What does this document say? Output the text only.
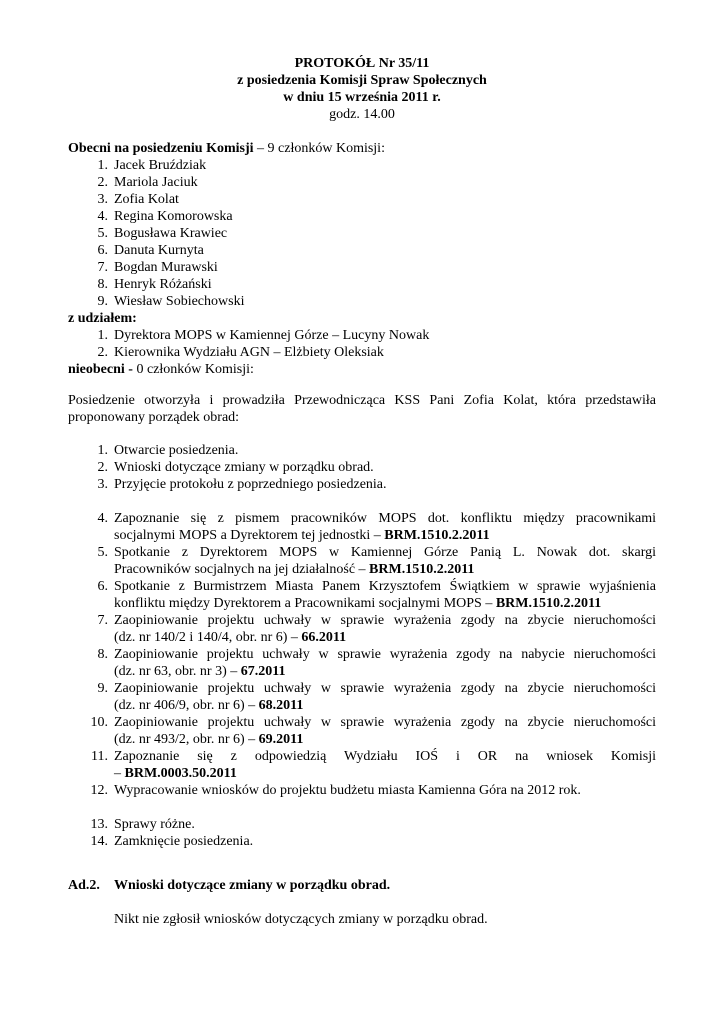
PROTOKÓŁ Nr 35/11
z posiedzenia Komisji Spraw Społecznych
w dniu 15 września 2011 r.
godz. 14.00
Obecni na posiedzeniu Komisji – 9 członków Komisji:
1. Jacek Bruździak
2. Mariola Jaciuk
3. Zofia Kolat
4. Regina Komorowska
5. Bogusława Krawiec
6. Danuta Kurnyta
7. Bogdan Murawski
8. Henryk Różański
9. Wiesław Sobiechowski
z udziałem:
1. Dyrektora MOPS w Kamiennej Górze – Lucyny Nowak
2. Kierownika Wydziału AGN – Elżbiety Oleksiak
nieobecni - 0 członków Komisji:
Posiedzenie otworzyła i prowadziła Przewodnicząca KSS Pani Zofia Kolat, która przedstawiła
proponowany porządek obrad:
1. Otwarcie posiedzenia.
2. Wnioski dotyczące zmiany w porządku obrad.
3. Przyjęcie protokołu z poprzedniego posiedzenia.
4. Zapoznanie się z pismem pracowników MOPS dot. konfliktu między pracownikami
socjalnymi MOPS a Dyrektorem tej jednostki – BRM.1510.2.2011
5. Spotkanie z Dyrektorem MOPS w Kamiennej Górze Panią L. Nowak dot. skargi
Pracowników socjalnych na jej działalność – BRM.1510.2.2011
6. Spotkanie z Burmistrzem Miasta Panem Krzysztofem Świątkiem w sprawie wyjaśnienia
konfliktu między Dyrektorem a Pracownikami socjalnymi MOPS – BRM.1510.2.2011
7. Zaopiniowanie projektu uchwały w sprawie wyrażenia zgody na zbycie nieruchomości
(dz. nr 140/2 i 140/4, obr. nr 6) – 66.2011
8. Zaopiniowanie projektu uchwały w sprawie wyrażenia zgody na nabycie nieruchomości
(dz. nr 63, obr. nr 3) – 67.2011
9. Zaopiniowanie projektu uchwały w sprawie wyrażenia zgody na zbycie nieruchomości
(dz. nr 406/9, obr. nr 6) – 68.2011
10. Zaopiniowanie projektu uchwały w sprawie wyrażenia zgody na zbycie nieruchomości
(dz. nr 493/2, obr. nr 6) – 69.2011
11. Zapoznanie się z odpowiedzią Wydziału IOŚ i OR na wniosek Komisji
– BRM.0003.50.2011
12. Wypracowanie wniosków do projektu budżetu miasta Kamienna Góra na 2012 rok.
13. Sprawy różne.
14. Zamknięcie posiedzenia.
Ad.2. Wnioski dotyczące zmiany w porządku obrad.
Nikt nie zgłosił wniosków dotyczących zmiany w porządku obrad.
